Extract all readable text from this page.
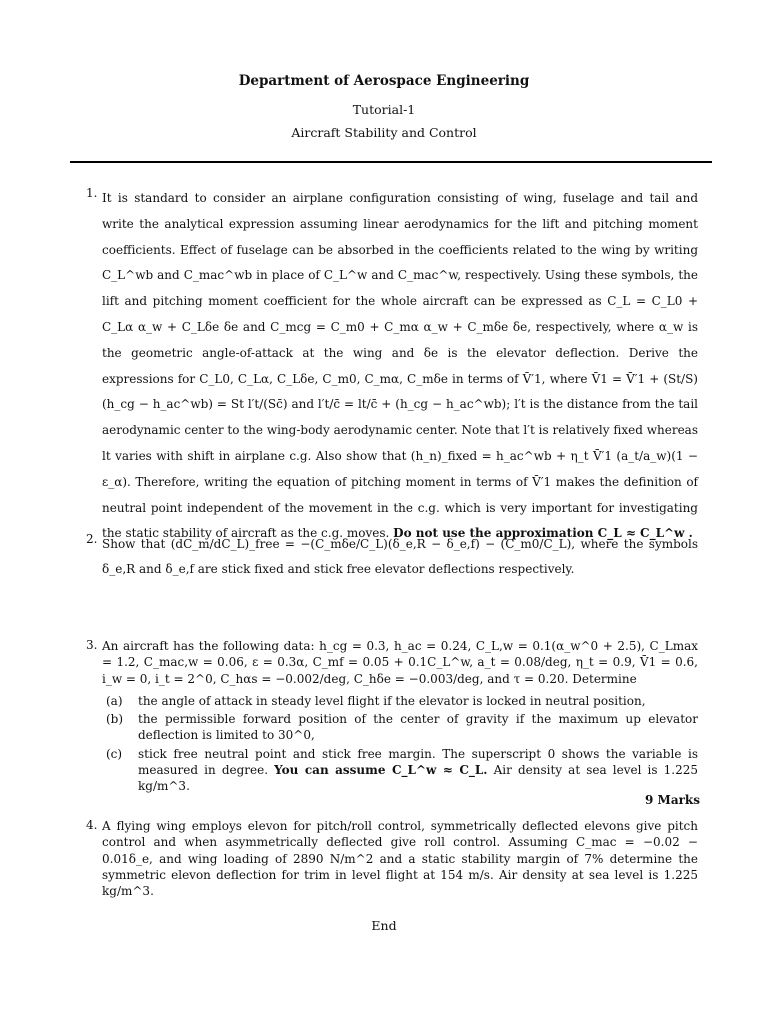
Department of Aerospace Engineering
Tutorial-1
Aircraft Stability and Control
1. It is standard to consider an airplane configuration consisting of wing, fuselage and tail and write the analytical expression assuming linear aerodynamics for the lift and pitching moment coefficients. Effect of fuselage can be absorbed in the coefficients related to the wing by writing C_L^wb and C_mac^wb in place of C_L^w and C_mac^w, respectively. Using these symbols, the lift and pitching moment coefficient for the whole aircraft can be expressed as C_L = C_L0 + C_Lα α_w + C_Lδe δe and C_mcg = C_m0 + C_mα α_w + C_mδe δe, respectively, where α_w is the geometric angle-of-attack at the wing and δe is the elevator deflection. Derive the expressions for C_L0, C_Lα, C_Lδe, C_m0, C_mα, C_mδe in terms of V̄′1, where V̄1 = V̄′1 + (St/S)(h_cg − h_ac^wb) = St l′t/(Sc̄) and l′t/c̄ = lt/c̄ + (h_cg − h_ac^wb); l′t is the distance from the tail aerodynamic center to the wing-body aerodynamic center. Note that l′t is relatively fixed whereas lt varies with shift in airplane c.g. Also show that (h_n)_fixed = h_ac^wb + η_t V̄′1 (a_t/a_w)(1 − ε_α). Therefore, writing the equation of pitching moment in terms of V̄′1 makes the definition of neutral point independent of the movement in the c.g. which is very important for investigating the static stability of aircraft as the c.g. moves. Do not use the approximation C_L ≈ C_L^w .
2. Show that (dC_m/dC_L)_free = −(C_mδe/C_L)(δ_e,R − δ_e,f) − (C_m0/C_L), where the symbols δ_e,R and δ_e,f are stick fixed and stick free elevator deflections respectively.
3. An aircraft has the following data: h_cg = 0.3, h_ac = 0.24, C_L,w = 0.1(α_w^0 + 2.5), C_Lmax = 1.2, C_mac,w = 0.06, ε = 0.3α, C_mf = 0.05 + 0.1C_L^w, a_t = 0.08/deg, η_t = 0.9, V̄1 = 0.6, i_w = 0, i_t = 2^0, C_hαs = −0.002/deg, C_hδe = −0.003/deg, and τ = 0.20. Determine
(a) the angle of attack in steady level flight if the elevator is locked in neutral position,
(b) the permissible forward position of the center of gravity if the maximum up elevator deflection is limited to 30^0,
(c) stick free neutral point and stick free margin. The superscript 0 shows the variable is measured in degree. You can assume C_L^w ≈ C_L. Air density at sea level is 1.225 kg/m^3.
9 Marks
4. A flying wing employs elevon for pitch/roll control, symmetrically deflected elevons give pitch control and when asymmetrically deflected give roll control. Assuming C_mac = −0.02 − 0.01δ_e, and wing loading of 2890 N/m^2 and a static stability margin of 7% determine the symmetric elevon deflection for trim in level flight at 154 m/s. Air density at sea level is 1.225 kg/m^3.
End
